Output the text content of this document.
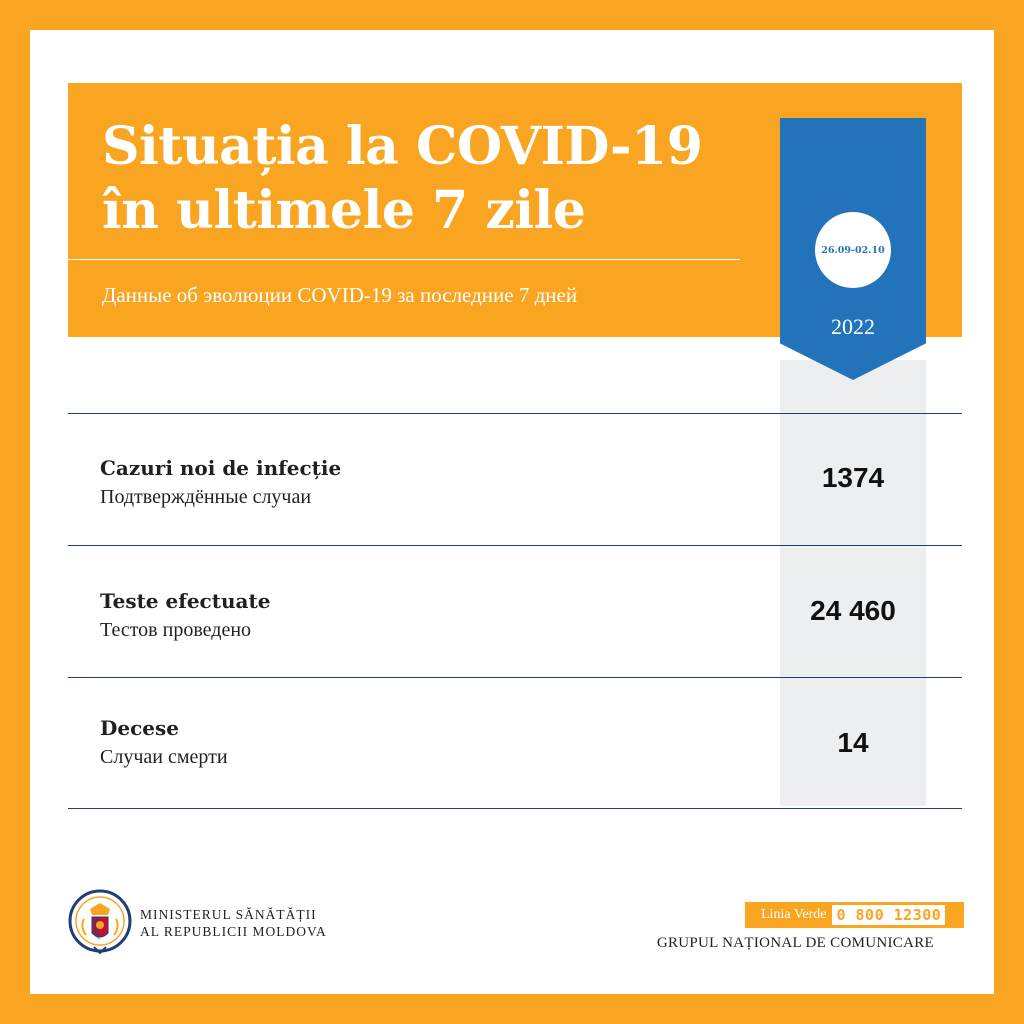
Situația la COVID-19
în ultimele 7 zile
Данные об эволюции COVID-19 за последние 7 дней
26.09-02.10
2022
Cazuri noi de infecție
Подтверждённые случаи
1374
Teste efectuate
Тестов проведено
24 460
Decese
Случаи смерти	14
MINISTERUL SĂNĂTĂȚII
AL REPUBLICII MOLDOVA
Linia Verde 0 800 12300
GRUPUL NAȚIONAL DE COMUNICARE
